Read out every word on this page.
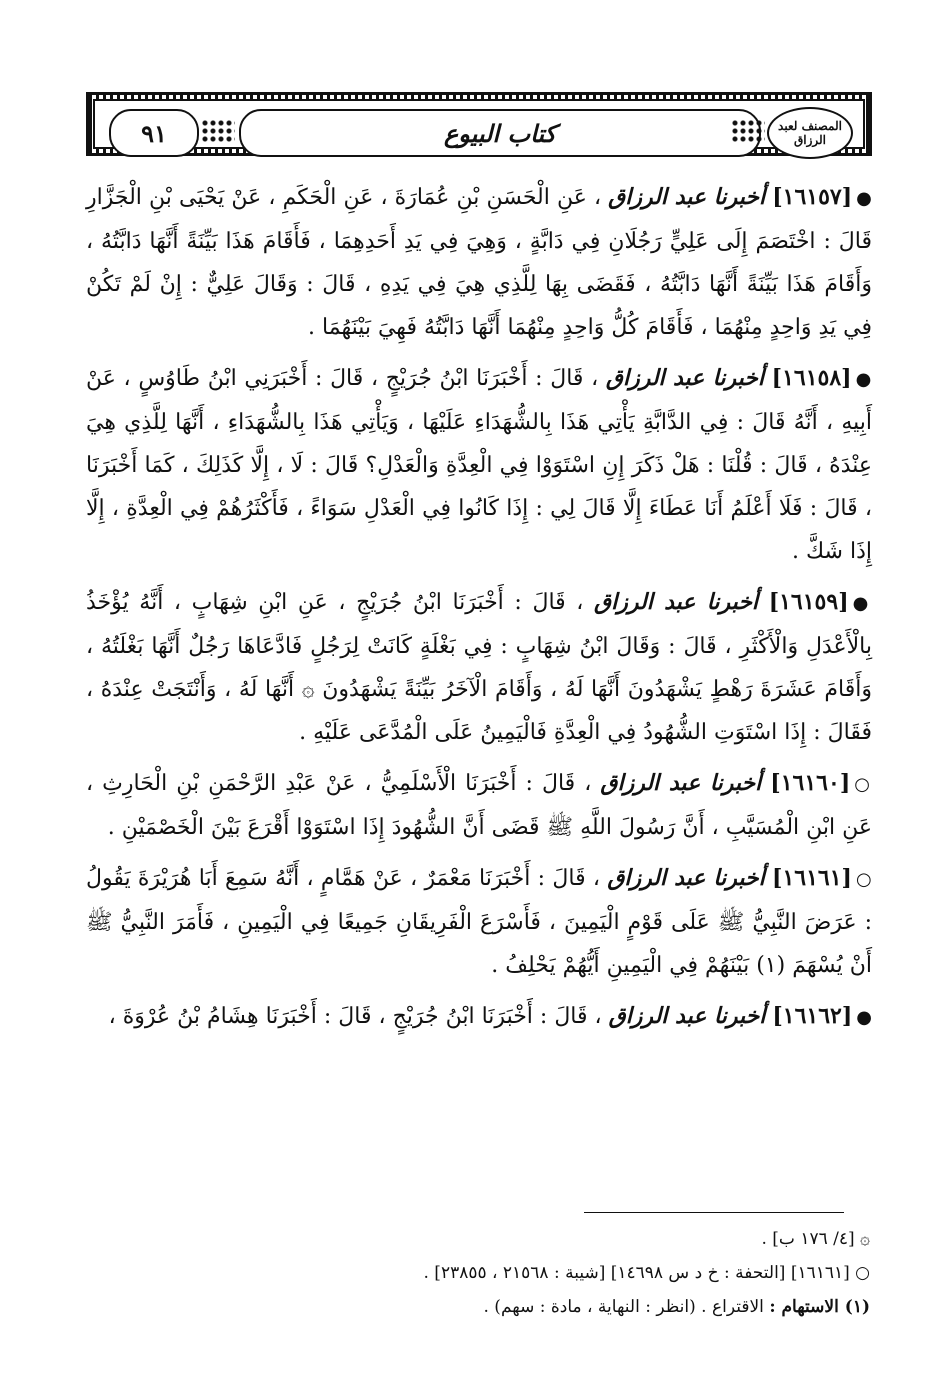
٩١	كتاب البيوع	المصنف لعبد الرزاق

●[١٦١٥٧] أخبرنا عبد الرزاق ، عَنِ الْحَسَنِ بْنِ عُمَارَةَ ، عَنِ الْحَكَمِ ، عَنْ يَحْيَى بْنِ الْجَزَّارِ قَالَ : اخْتَصَمَ إِلَى عَلِيٍّ رَجُلَانِ فِي دَابَّةٍ ، وَهِيَ فِي يَدِ أَحَدِهِمَا ، فَأَقَامَ هَذَا بَيِّنَةً أَنَّهَا دَابَّتُهُ ، وَأَقَامَ هَذَا بَيِّنَةً أَنَّهَا دَابَّتُهُ ، فَقَضَى بِهَا لِلَّذِي هِيَ فِي يَدِهِ ، قَالَ : وَقَالَ عَلِيٌّ : إِنْ لَمْ تَكُنْ فِي يَدِ وَاحِدٍ مِنْهُمَا ، فَأَقَامَ كُلُّ وَاحِدٍ مِنْهُمَا أَنَّهَا دَابَّتُهُ فَهِيَ بَيْنَهُمَا .

●[١٦١٥٨] أخبرنا عبد الرزاق ، قَالَ : أَخْبَرَنَا ابْنُ جُرَيْجٍ ، قَالَ : أَخْبَرَنِي ابْنُ طَاوُسٍ ، عَنْ أَبِيهِ ، أَنَّهُ قَالَ : فِي الدَّابَّةِ يَأْتِي هَذَا بِالشُّهَدَاءِ عَلَيْهَا ، وَيَأْتِي هَذَا بِالشُّهَدَاءِ ، أَنَّهَا لِلَّذِي هِيَ عِنْدَهُ ، قَالَ : قُلْنَا : هَلْ ذَكَرَ إِنِ اسْتَوَوْا فِي الْعِدَّةِ وَالْعَدْلِ؟ قَالَ : لَا ، إِلَّا كَذَلِكَ ، كَمَا أَخْبَرَنَا ، قَالَ : فَلَا أَعْلَمُ أَنَا عَطَاءَ إِلَّا قَالَ لِي : إِذَا كَانُوا فِي الْعَدْلِ سَوَاءً ، فَأَكْثَرُهُمْ فِي الْعِدَّةِ ، إِلَّا إِذَا شَكَّ .

●[١٦١٥٩] أخبرنا عبد الرزاق ، قَالَ : أَخْبَرَنَا ابْنُ جُرَيْجٍ ، عَنِ ابْنِ شِهَابٍ ، أَنَّهُ يُؤْخَذُ بِالْأَعْدَلِ وَالْأَكْثَرِ ، قَالَ : وَقَالَ ابْنُ شِهَابٍ : فِي بَغْلَةٍ كَانَتْ لِرَجُلٍ فَادَّعَاهَا رَجُلٌ أَنَّهَا بَغْلَتُهُ ، وَأَقَامَ عَشَرَةَ رَهْطٍ يَشْهَدُونَ أَنَّهَا لَهُ ، وَأَقَامَ الْآخَرُ بَيِّنَةً يَشْهَدُونَ ۞ أَنَّهَا لَهُ ، وَأَنْتَجَتْ عِنْدَهُ ، فَقَالَ : إِذَا اسْتَوَتِ الشُّهُودُ فِي الْعِدَّةِ فَالْيَمِينُ عَلَى الْمُدَّعَى عَلَيْهِ .

○[١٦١٦٠] أخبرنا عبد الرزاق ، قَالَ : أَخْبَرَنَا الْأَسْلَمِيُّ ، عَنْ عَبْدِ الرَّحْمَنِ بْنِ الْحَارِثِ ، عَنِ ابْنِ الْمُسَيَّبِ ، أَنَّ رَسُولَ اللَّهِ ﷺ قَضَى أَنَّ الشُّهُودَ إِذَا اسْتَوَوْا أَقْرَعَ بَيْنَ الْخَصْمَيْنِ .

○[١٦١٦١] أخبرنا عبد الرزاق ، قَالَ : أَخْبَرَنَا مَعْمَرٌ ، عَنْ هَمَّامٍ ، أَنَّهُ سَمِعَ أَبَا هُرَيْرَةَ يَقُولُ : عَرَضَ النَّبِيُّ ﷺ عَلَى قَوْمٍ الْيَمِينَ ، فَأَسْرَعَ الْفَرِيقَانِ جَمِيعًا فِي الْيَمِينِ ، فَأَمَرَ النَّبِيُّ ﷺ أَنْ يُسْهَمَ (١) بَيْنَهُمْ فِي الْيَمِينِ أَيُّهُمْ يَحْلِفُ .

●[١٦١٦٢] أخبرنا عبد الرزاق ، قَالَ : أَخْبَرَنَا ابْنُ جُرَيْجٍ ، قَالَ : أَخْبَرَنَا هِشَامُ بْنُ عُرْوَةَ ،

۞ [٤/ ١٧٦ ب] .

○ [١٦١٦١] [التحفة : خ د س ١٤٦٩٨] [شيبة : ٢١٥٦٨ ، ٢٣٨٥٥] .

(١) الاستهام : الاقتراع . (انظر : النهاية ، مادة : سهم) .
